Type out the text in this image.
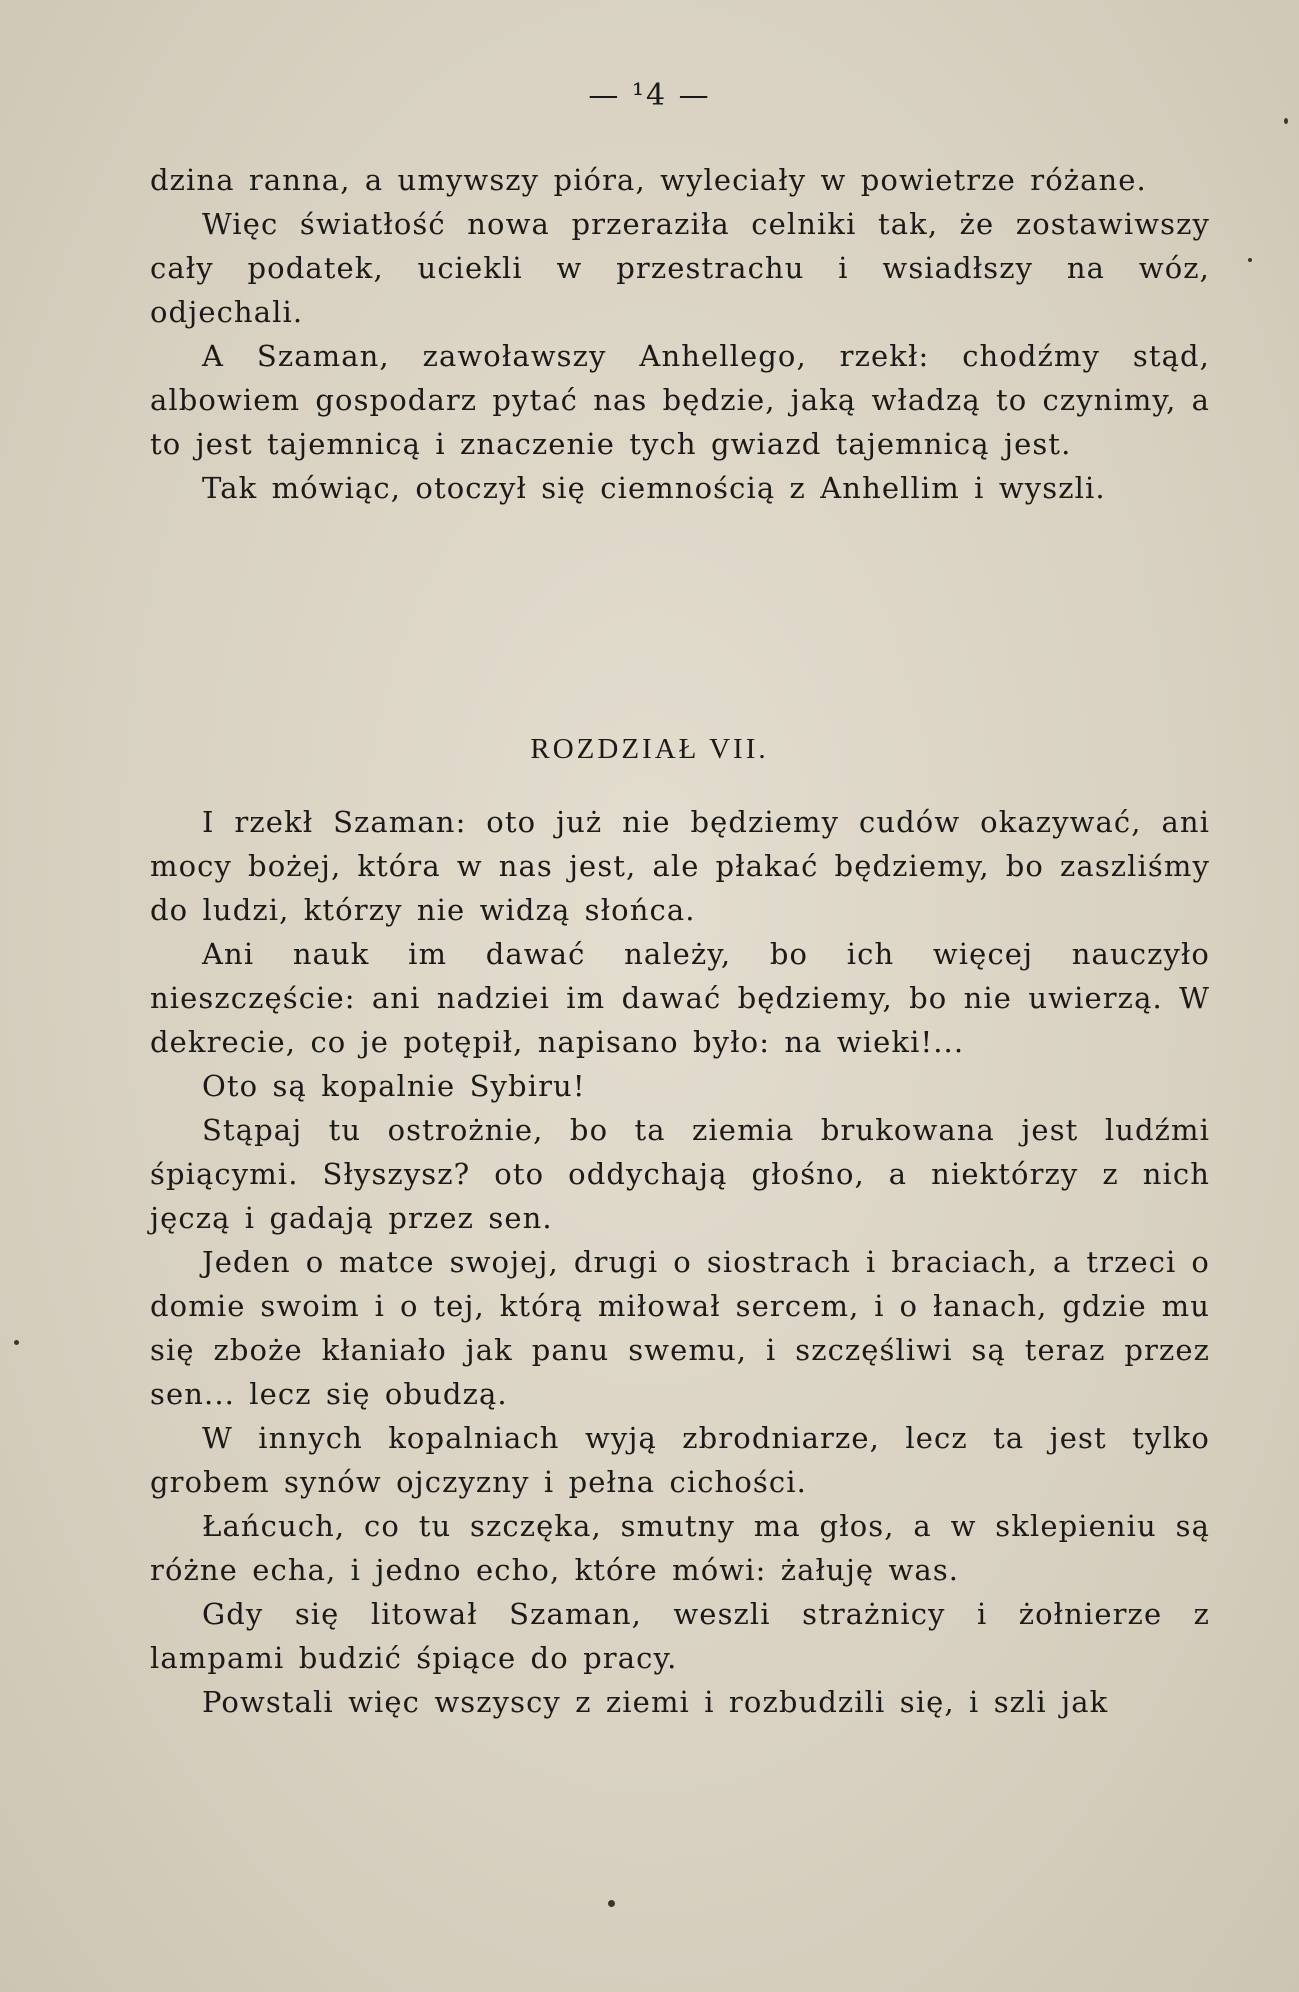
— ¹4 —

dzina ranna, a umywszy pióra, wyleciały w powietrze różane.

Więc światłość nowa przeraziła celniki tak, że zostawiwszy cały podatek, uciekli w przestrachu i wsiadłszy na wóz, odjechali.

A Szaman, zawoławszy Anhellego, rzekł: chodźmy stąd, albowiem gospodarz pytać nas będzie, jaką władzą to czynimy, a to jest tajemnicą i znaczenie tych gwiazd tajemnicą jest.

Tak mówiąc, otoczył się ciemnością z Anhellim i wyszli.

ROZDZIAŁ VII.

I rzekł Szaman: oto już nie będziemy cudów okazywać, ani mocy bożej, która w nas jest, ale płakać będziemy, bo zaszliśmy do ludzi, którzy nie widzą słońca.

Ani nauk im dawać należy, bo ich więcej nauczyło nieszczęście: ani nadziei im dawać będziemy, bo nie uwierzą. W dekrecie, co je potępił, napisano było: na wieki!...

Oto są kopalnie Sybiru!

Stąpaj tu ostrożnie, bo ta ziemia brukowana jest ludźmi śpiącymi. Słyszysz? oto oddychają głośno, a niektórzy z nich jęczą i gadają przez sen.

Jeden o matce swojej, drugi o siostrach i braciach, a trzeci o domie swoim i o tej, którą miłował sercem, i o łanach, gdzie mu się zboże kłaniało jak panu swemu, i szczęśliwi są teraz przez sen... lecz się obudzą.

W innych kopalniach wyją zbrodniarze, lecz ta jest tylko grobem synów ojczyzny i pełna cichości.

Łańcuch, co tu szczęka, smutny ma głos, a w sklepieniu są różne echa, i jedno echo, które mówi: żałuję was.

Gdy się litował Szaman, weszli strażnicy i żołnierze z lampami budzić śpiące do pracy.

Powstali więc wszyscy z ziemi i rozbudzili się, i szli jak
